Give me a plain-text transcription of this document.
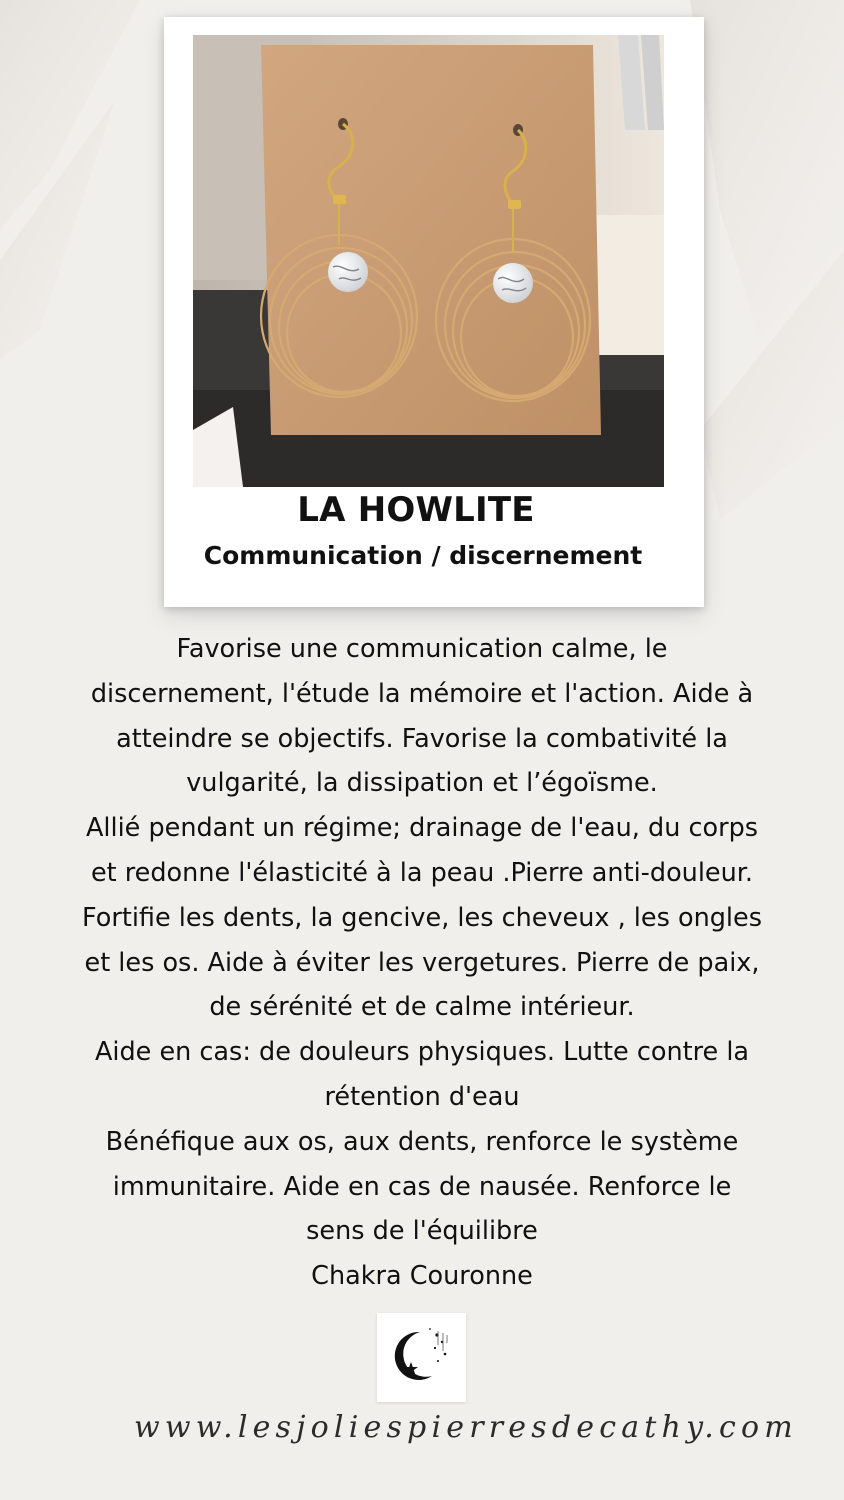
LA HOWLITE
Communication / discernement
Favorise une communication calme, le
discernement, l'étude la mémoire et l'action. Aide à
atteindre se objectifs. Favorise la combativité la
vulgarité, la dissipation et l’égoïsme.
Allié pendant un régime; drainage de l'eau, du corps
et redonne l'élasticité à la peau .Pierre anti-douleur.
Fortifie les dents, la gencive, les cheveux , les ongles
et les os. Aide à éviter les vergetures. Pierre de paix,
de sérénité et de calme intérieur.
Aide en cas: de douleurs physiques. Lutte contre la
rétention d'eau
Bénéfique aux os, aux dents, renforce le système
immunitaire. Aide en cas de nausée. Renforce le
sens de l'équilibre
Chakra Couronne
www.lesjoliespierresdecathy.com
